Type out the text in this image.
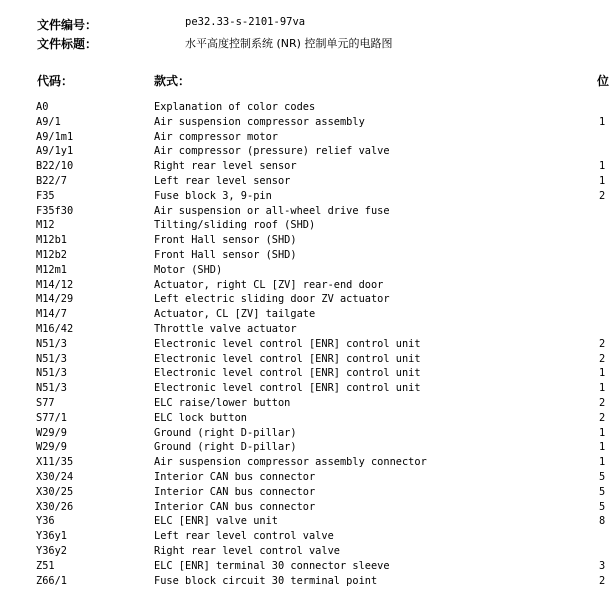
文件编号：	pe32.33-s-2101-97va
文件标题：	水平高度控制系统 (NR) 控制单元的电路图
代码：	款式：	位
A0	Explanation of color codes
A9/1	Air suspension compressor assembly	1
A9/1m1	Air compressor motor
A9/1y1	Air compressor (pressure) relief valve
B22/10	Right rear level sensor	1
B22/7	Left rear level sensor	1
F35	Fuse block 3, 9-pin	2
F35f30	Air suspension or all-wheel drive fuse
M12	Tilting/sliding roof (SHD)
M12b1	Front Hall sensor (SHD)
M12b2	Front Hall sensor (SHD)
M12m1	Motor (SHD)
M14/12	Actuator, right CL [ZV] rear-end door
M14/29	Left electric sliding door ZV actuator
M14/7	Actuator, CL [ZV] tailgate
M16/42	Throttle valve actuator
N51/3	Electronic level control [ENR] control unit	2
N51/3	Electronic level control [ENR] control unit	2
N51/3	Electronic level control [ENR] control unit	1
N51/3	Electronic level control [ENR] control unit	1
S77	ELC raise/lower button	2
S77/1	ELC lock button	2
W29/9	Ground (right D-pillar)	1
W29/9	Ground (right D-pillar)	1
X11/35	Air suspension compressor assembly connector	1
X30/24	Interior CAN bus connector	5
X30/25	Interior CAN bus connector	5
X30/26	Interior CAN bus connector	5
Y36	ELC [ENR] valve unit	8
Y36y1	Left rear level control valve
Y36y2	Right rear level control valve
Z51	ELC [ENR] terminal 30 connector sleeve	3
Z66/1	Fuse block circuit 30 terminal point	2
